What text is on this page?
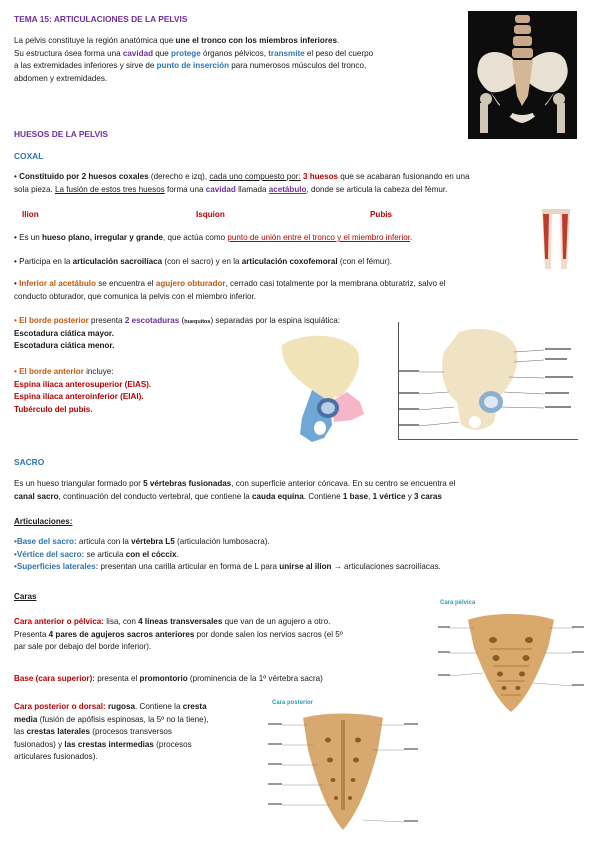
TEMA 15: ARTICULACIONES DE LA PELVIS
La pelvis constituye la región anatómica que une el tronco con los miembros inferiores.
Su estructura ósea forma una cavidad que protege órganos pélvicos, transmite el peso del cuerpo
a las extremidades inferiores y sirve de punto de inserción para numerosos músculos del tronco,
abdomen y extremidades.
HUESOS DE LA PELVIS
COXAL
• Constituido por 2 huesos coxales (derecho e izq), cada uno compuesto por: 3 huesos que se acabaran fusionando en una
sola pieza. La fusión de estos tres huesos forma una cavidad llamada acetábulo, donde se articula la cabeza del fémur.
Ilion	Isquion	Pubis
• Es un hueso plano, irregular y grande, que actúa como punto de unión entre el tronco y el miembro inferior.
• Participa en la articulación sacroilíaca (con el sacro) y en la articulación coxofemoral (con el fémur).
• Inferior al acetábulo se encuentra el agujero obturador, cerrado casi totalmente por la membrana obturatriz, salvo el
conducto obturador, que comunica la pelvis con el miembro inferior.
• El borde posterior presenta 2 escotaduras (huequitos) separadas por la espina isquiática:
Escotadura ciática mayor.
Escotadura ciática menor.
• El borde anterior incluye:
Espina ilíaca anterosuperior (EIAS).
Espina ilíaca anteroinferior (EIAI).
Tubérculo del pubis.
SACRO
Es un hueso triangular formado por 5 vértebras fusionadas, con superficie anterior cóncava. En su centro se encuentra el
canal sacro, continuación del conducto vertebral, que contiene la cauda equina. Contiene 1 base, 1 vértice y 3 caras
Articulaciones:
•Base del sacro: articula con la vértebra L5 (articulación lumbosacra).
•Vértice del sacro: se articula con el cóccix.
•Superficies laterales: presentan una carilla articular en forma de L para unirse al ilion → articulaciones sacroilíacas.
Caras
Cara anterior o pélvica: lisa, con 4 líneas transversales que van de un agujero a otro.
Presenta 4 pares de agujeros sacros anteriores por donde salen los nervios sacros (el 5º
par sale por debajo del borde inferior).
Base (cara superior): presenta el promontorio (prominencia de la 1º vértebra sacra)
Cara posterior o dorsal: rugosa. Contiene la cresta
media (fusión de apófisis espinosas, la 5º no la tiene),
las crestas laterales (procesos transversos
fusionados) y las crestas intermedias (procesos
articulares fusionados).
Cara pélvica
Cara posterior
